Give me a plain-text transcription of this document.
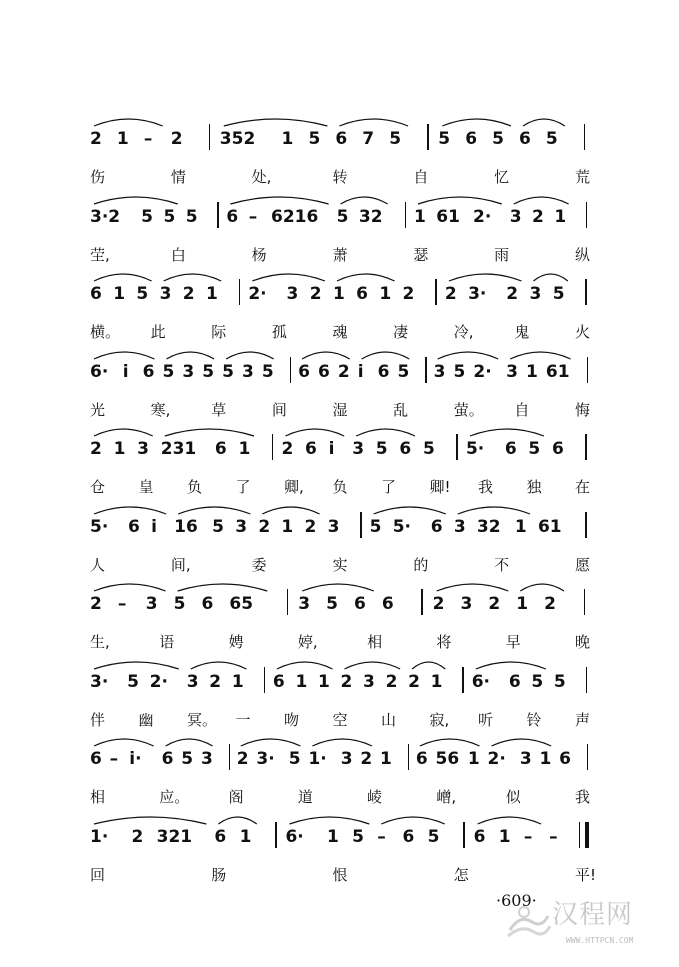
2 1 – 2 352 1 5 6 7 5 5 6 5 6 5
伤	情	处,	转	自	忆	荒
3·2 5 5 5 6 – 6216 5 32 1 61 2· 3 2 1
茔,	白	杨	萧	瑟	雨	纵
6 1 5 3 2 1 2· 3 2 1 6 1 2 2 3· 2 3 5
横。 此	际	孤	魂	凄	冷,	鬼	火
6· i 6 5 3 5 5 3 5 6 6 2 i 6 5 3 5 2· 3 1 61
光	寒,	草	间	湿	乱	萤。 自	悔
2 1 3 231 6 1 2 6 i 3 5 6 5 5· 6 5 6
仓 皇 负 了 卿, 负 了 卿! 我 独 在
5· 6 i 16 5 3 2 1 2 3 5 5· 6 3 32 1 61
人	间,	委	实	的	不	愿
2 – 3 5 6 65	3 5 6 6 2 3 2 1 2
生,	语	娉	婷,	相	将	早	晚
3· 5 2· 3 2 1 6 1 1 2 3 2 2 1 6· 6 5 5
伴 幽 冥。 一 吻 空 山 寂, 听 铃 声
6 – i· 6 5 3 2 3· 5 1· 3 2 1 6 56 1 2· 3 1 6
相	应。	阁	道	崚	嶒,	似	我
1· 2 321 6 1 6· 1 5 – 6 5 6 1 – –
回	肠	恨	怎	平!
·609· 汉程网
WWW.HTTPCN.COM
